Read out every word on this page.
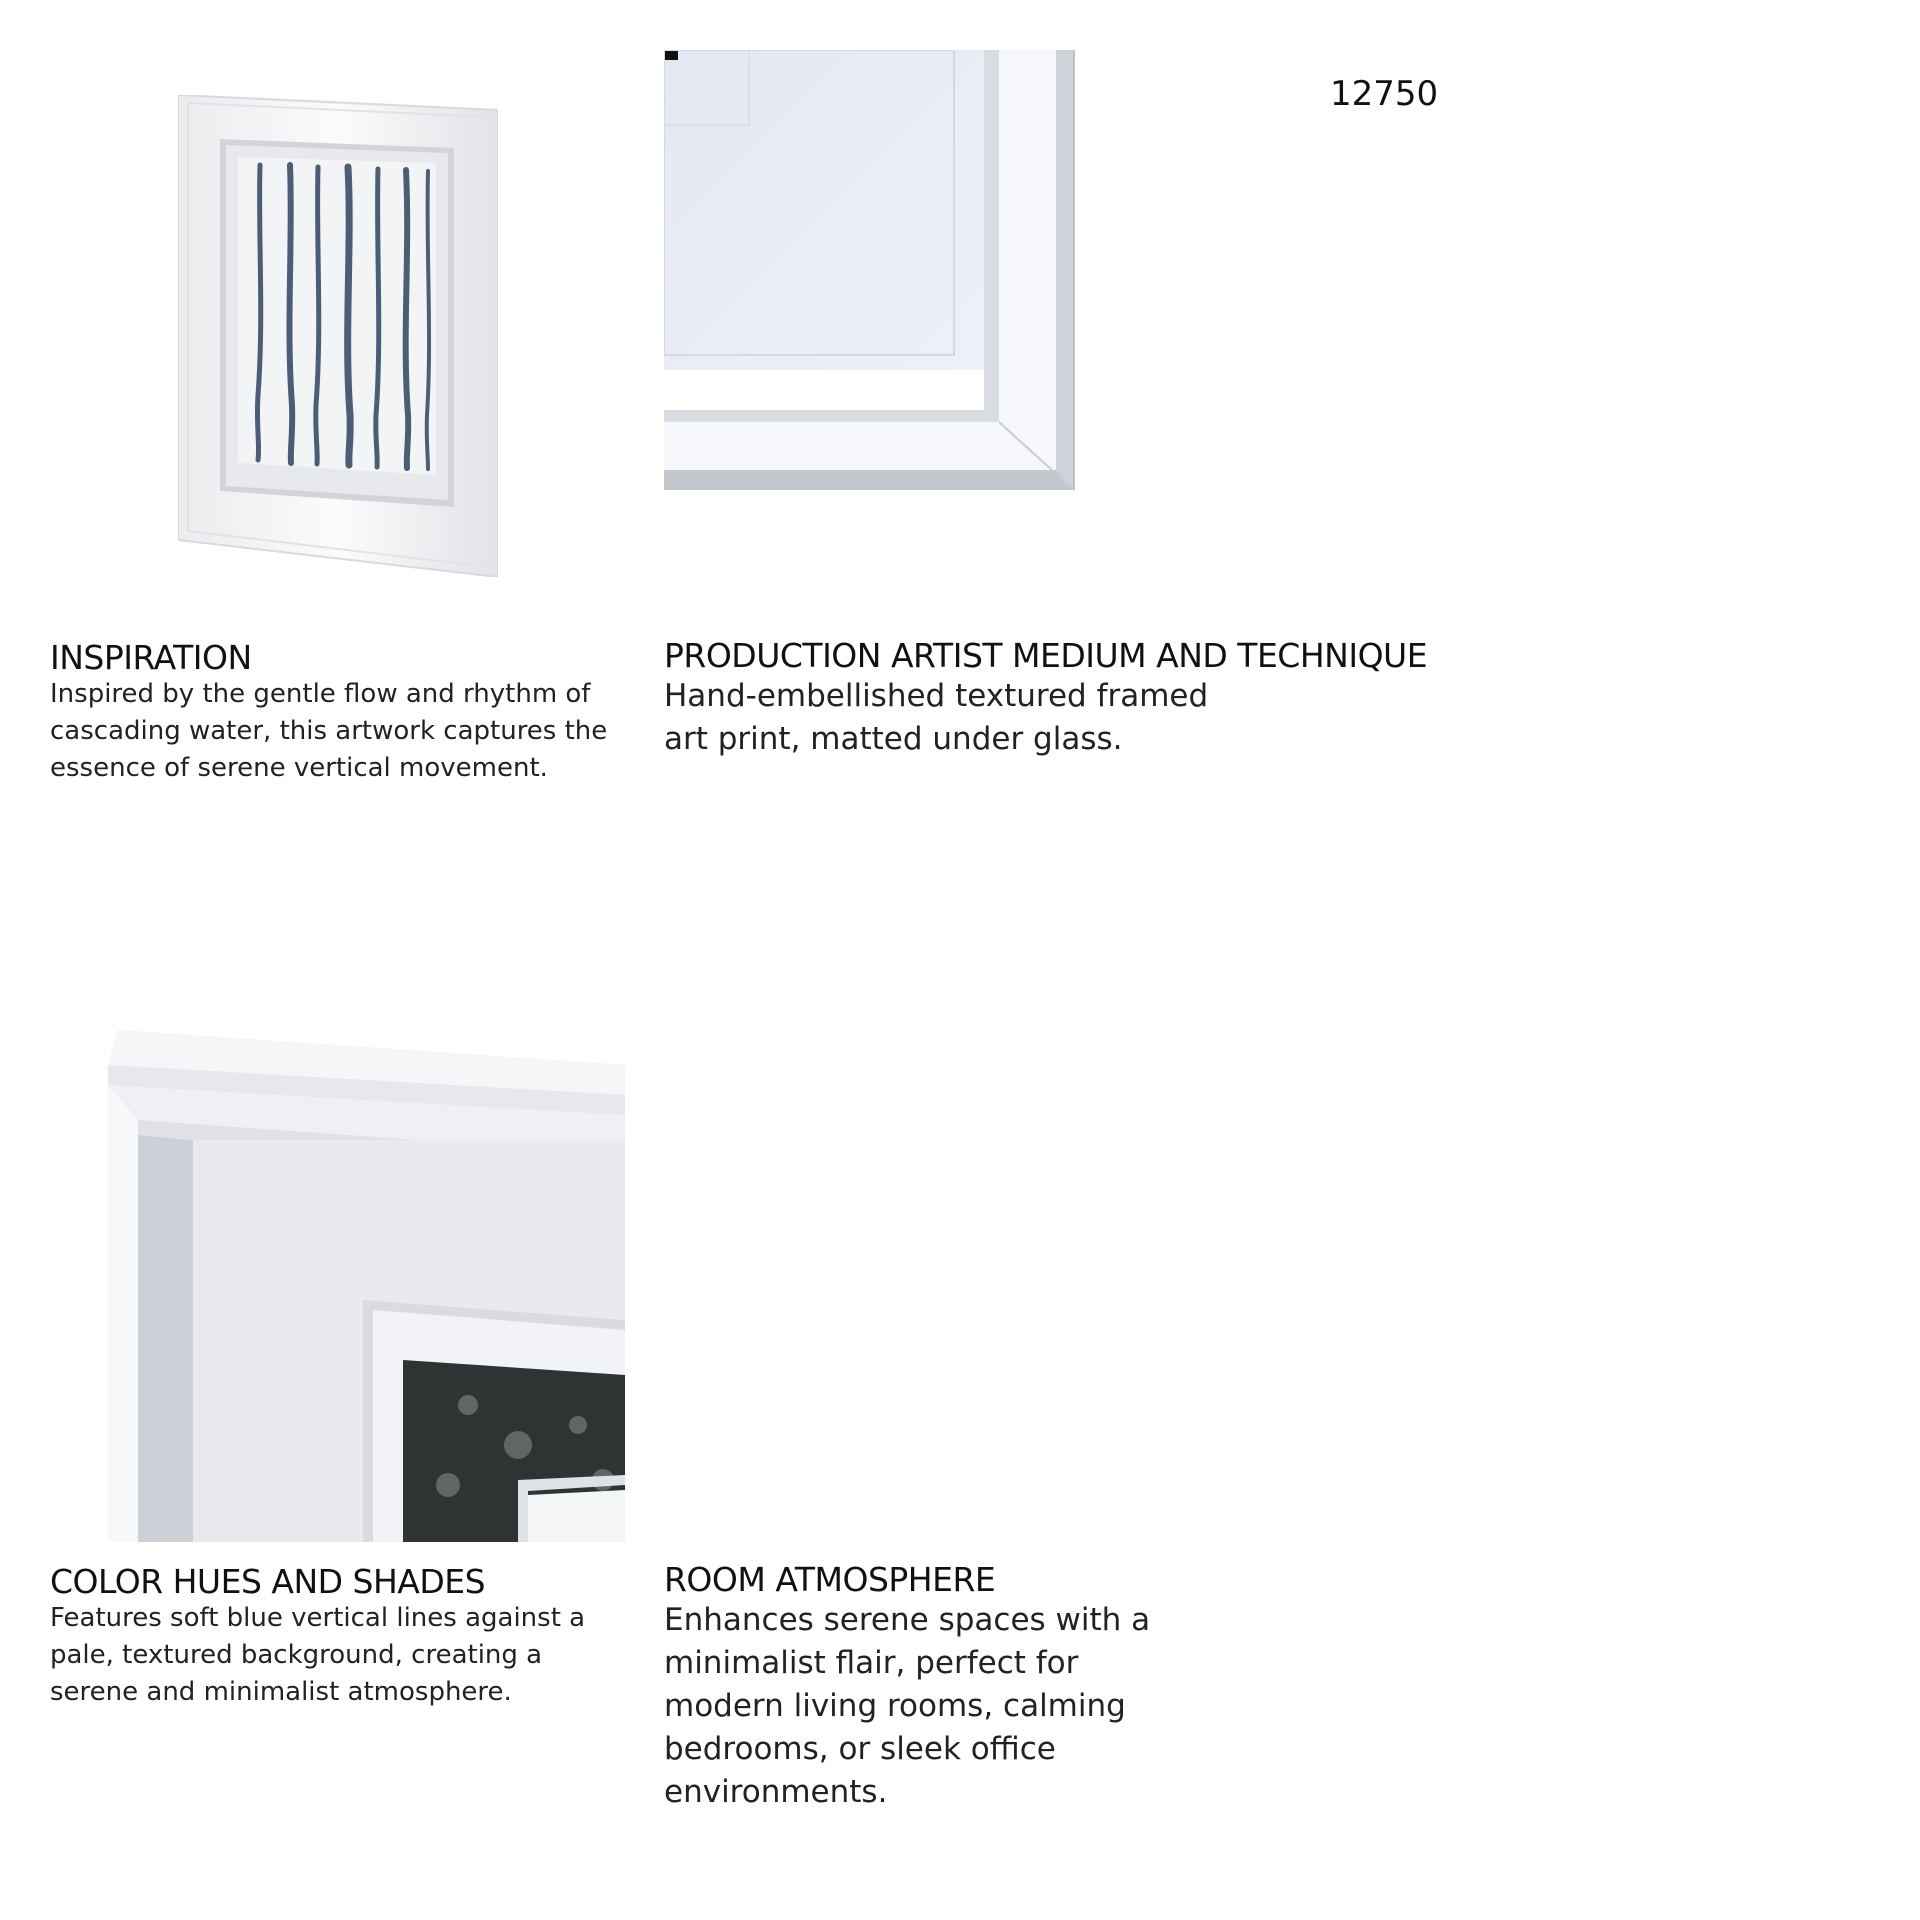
12750
INSPIRATION
Inspired by the gentle flow and rhythm of cascading water, this artwork captures the essence of serene vertical movement.
PRODUCTION ARTIST MEDIUM AND TECHNIQUE
Hand-embellished textured framed art print, matted under glass.
COLOR HUES AND SHADES
Features soft blue vertical lines against a pale, textured background, creating a serene and minimalist atmosphere.
ROOM ATMOSPHERE
Enhances serene spaces with a minimalist flair, perfect for modern living rooms, calming bedrooms, or sleek office environments.
